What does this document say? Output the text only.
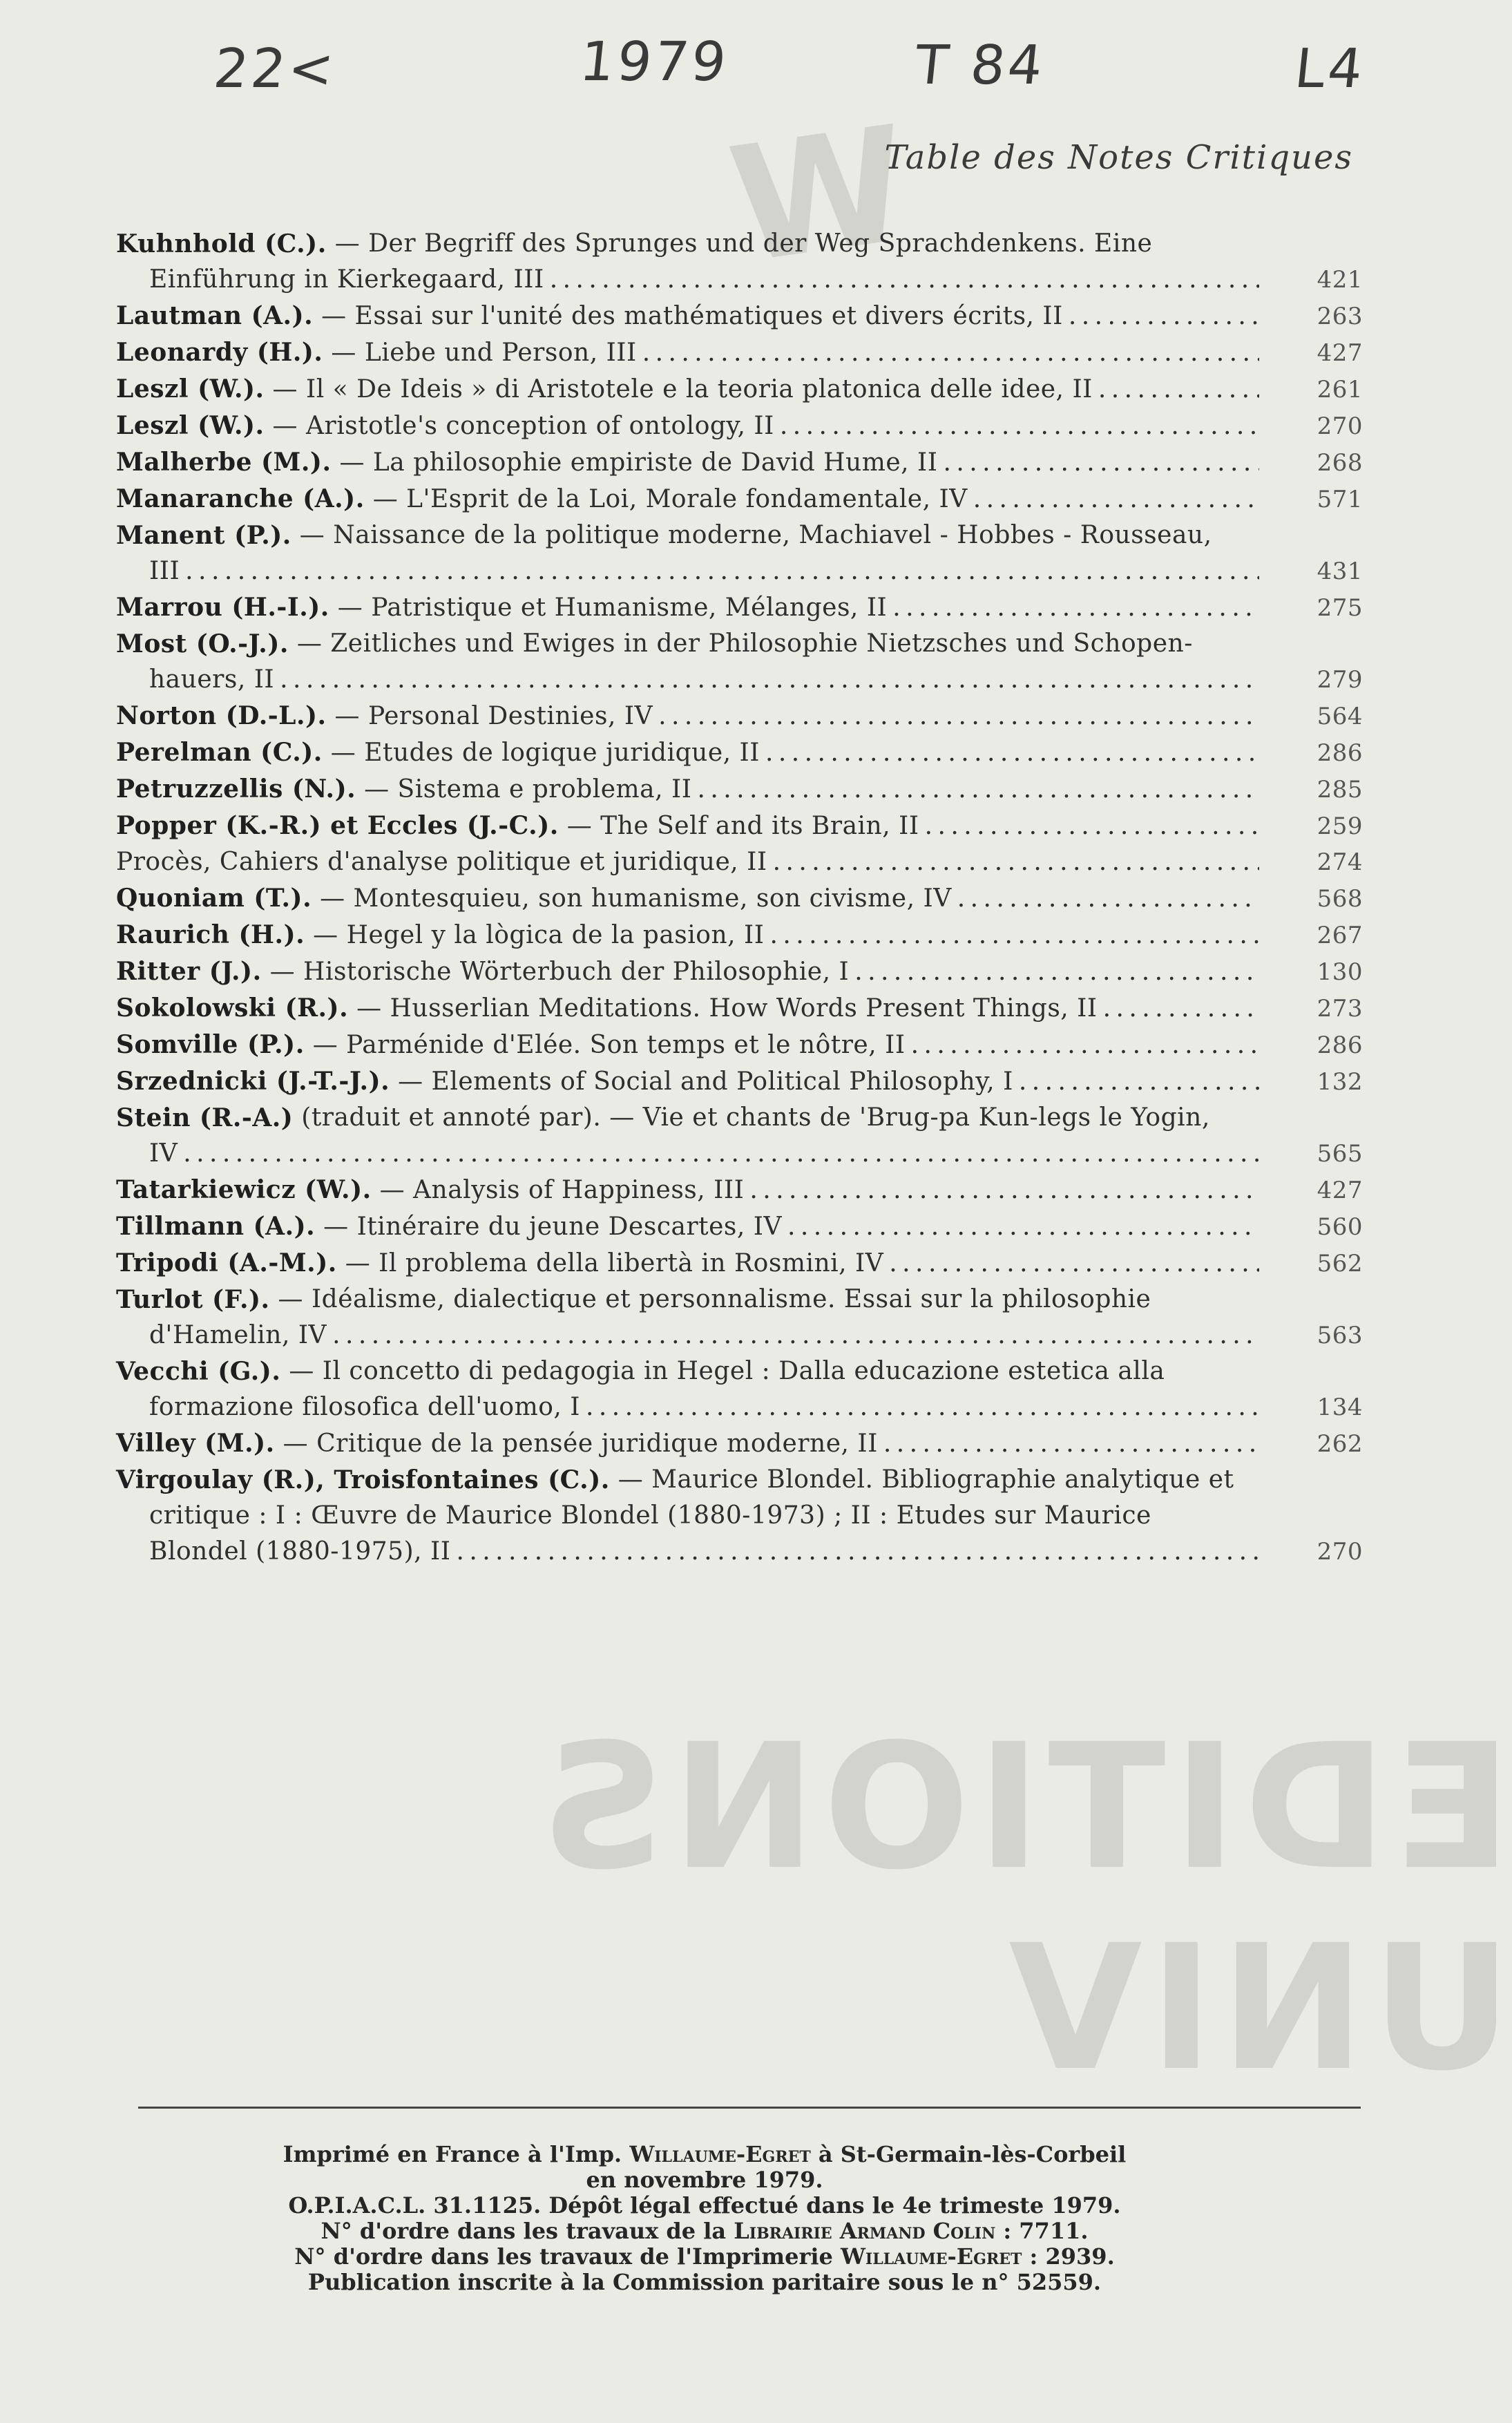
W
EDITIONS UNIV
22<	1979	T 84	L4
Table des Notes Critiques
Kuhnhold (C.).
— Der Begriff des Sprunges und der Weg Sprachdenkens. Eine
Einführung in Kierkegaard, III . . .	421
Lautman (A.). — Essai sur l'unité des mathématiques et divers écrits, II . . .	263
Leonardy (H.). — Liebe und Person, III . . .	427
Leszl (W.). — Il « De Ideis » di Aristotele e la teoria platonica delle idee, II . . .	261
Leszl (W.). — Aristotle's conception of ontology, II . . .	270
Malherbe (M.). — La philosophie empiriste de David Hume, II . . .	268
Manaranche (A.). — L'Esprit de la Loi, Morale fondamentale, IV . . .	571
Manent (P.).
— Naissance de la politique moderne, Machiavel - Hobbes - Rousseau,
III . . .	431
Marrou (H.-I.). — Patristique et Humanisme, Mélanges, II . . .	275
Most (O.-J.).
— Zeitliches und Ewiges in der Philosophie Nietzsches und Schopen-
hauers, II . . .	279
Norton (D.-L.). — Personal Destinies, IV . . .	564
Perelman (C.). — Etudes de logique juridique, II . . .	286
Petruzzellis (N.). — Sistema e problema, II . . .	285
Popper (K.-R.) et Eccles (J.-C.). — The Self and its Brain, II . . .	259
Procès, Cahiers d'analyse politique et juridique, II . . .	274
Quoniam (T.). — Montesquieu, son humanisme, son civisme, IV . . .	568
Raurich (H.). — Hegel y la lògica de la pasion, II . . .	267
Ritter (J.). — Historische Wörterbuch der Philosophie, I . . .	130
Sokolowski (R.). — Husserlian Meditations. How Words Present Things, II . . .	273
Somville (P.). — Parménide d'Elée. Son temps et le nôtre, II . . .	286
Srzednicki (J.-T.-J.). — Elements of Social and Political Philosophy, I . . .	132
Stein (R.-A.)
(traduit et annoté par). — Vie et chants de 'Brug-pa Kun-legs le Yogin,
IV . . .	565
Tatarkiewicz (W.). — Analysis of Happiness, III . . .	427
Tillmann (A.). — Itinéraire du jeune Descartes, IV . . .	560
Tripodi (A.-M.). — Il problema della libertà in Rosmini, IV . . .	562
Turlot (F.).
— Idéalisme, dialectique et personnalisme. Essai sur la philosophie
d'Hamelin, IV . . .	563
Vecchi (G.).
— Il concetto di pedagogia in Hegel : Dalla educazione estetica alla
formazione filosofica dell'uomo, I . . .	134
Villey (M.). — Critique de la pensée juridique moderne, II . . .	262
Virgoulay (R.), Troisfontaines (C.).
— Maurice Blondel. Bibliographie analytique et
critique : I : Œuvre de Maurice Blondel (1880-1973) ; II : Etudes sur Maurice
Blondel (1880-1975), II . . .	270
Imprimé en France à l'Imp. Willaume-Egret à St-Germain-lès-Corbeil
en novembre 1979.
O.P.I.A.C.L. 31.1125. Dépôt légal effectué dans le 4e trimeste 1979.
N° d'ordre dans les travaux de la Librairie Armand Colin : 7711.
N° d'ordre dans les travaux de l'Imprimerie Willaume-Egret : 2939.
Publication inscrite à la Commission paritaire sous le n° 52559.
